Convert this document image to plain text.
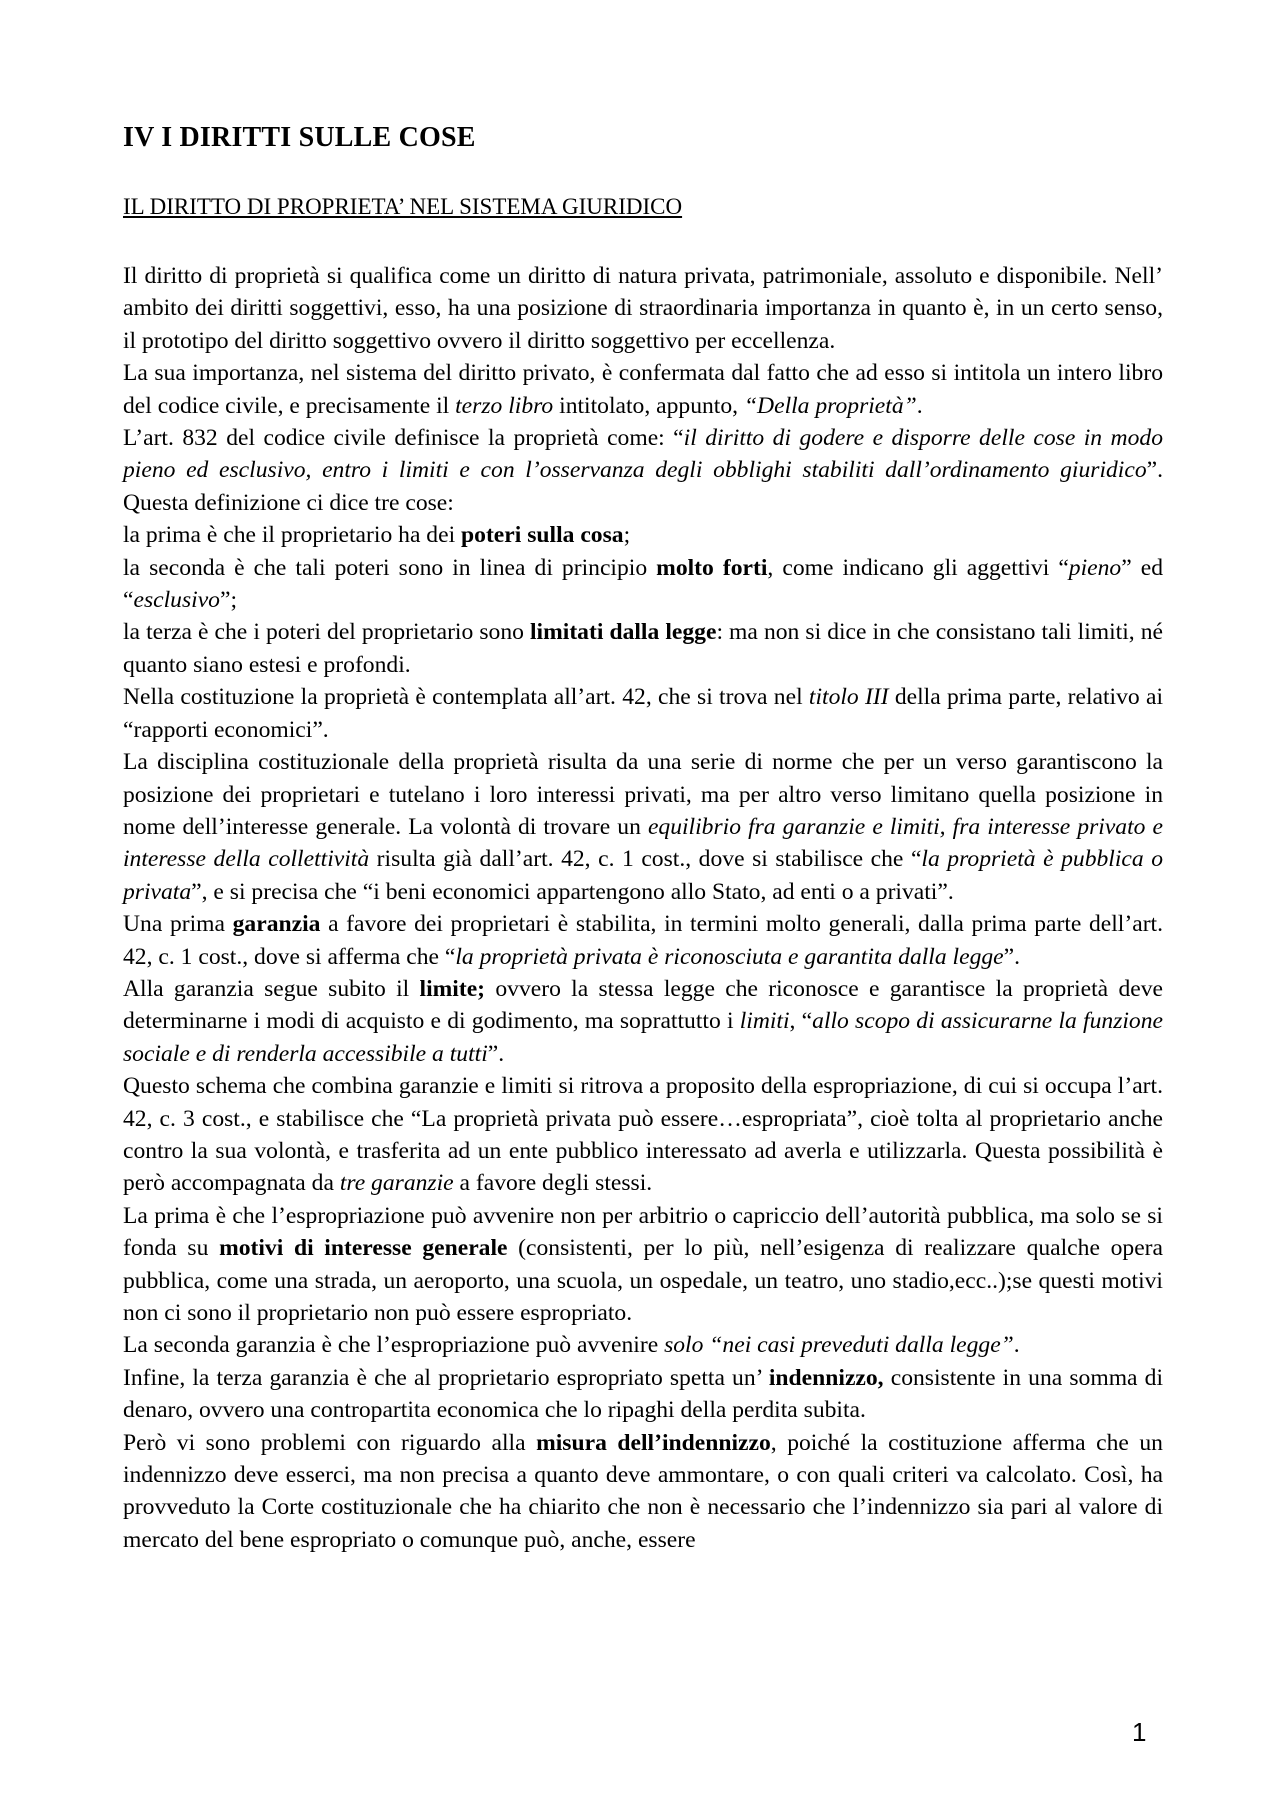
IV I DIRITTI SULLE COSE
IL DIRITTO DI PROPRIETA’ NEL SISTEMA GIURIDICO

Il diritto di proprietà si qualifica come un diritto di natura privata, patrimoniale, assoluto e disponibile. Nell’ ambito dei diritti soggettivi, esso, ha una posizione di straordinaria importanza in quanto è, in un certo senso, il prototipo del diritto soggettivo ovvero il diritto soggettivo per eccellenza.

La sua importanza, nel sistema del diritto privato, è confermata dal fatto che ad esso si intitola un intero libro del codice civile, e precisamente il terzo libro intitolato, appunto, “Della proprietà”.

L’art. 832 del codice civile definisce la proprietà come: “il diritto di godere e disporre delle cose in modo pieno ed esclusivo, entro i limiti e con l’osservanza degli obblighi stabiliti dall’ordinamento giuridico”. Questa definizione ci dice tre cose:

la prima è che il proprietario ha dei poteri sulla cosa;

la seconda è che tali poteri sono in linea di principio molto forti, come indicano gli aggettivi “pieno” ed “esclusivo”;

la terza è che i poteri del proprietario sono limitati dalla legge: ma non si dice in che consistano tali limiti, né quanto siano estesi e profondi.

Nella costituzione la proprietà è contemplata all’art. 42, che si trova nel titolo III della prima parte, relativo ai “rapporti economici”.

La disciplina costituzionale della proprietà risulta da una serie di norme che per un verso garantiscono la posizione dei proprietari e tutelano i loro interessi privati, ma per altro verso limitano quella posizione in nome dell’interesse generale. La volontà di trovare un equilibrio fra garanzie e limiti, fra interesse privato e interesse della collettività risulta già dall’art. 42, c. 1 cost., dove si stabilisce che “la proprietà è pubblica o privata”, e si precisa che “i beni economici appartengono allo Stato, ad enti o a privati”.

Una prima garanzia a favore dei proprietari è stabilita, in termini molto generali, dalla prima parte dell’art. 42, c. 1 cost., dove si afferma che “la proprietà privata è riconosciuta e garantita dalla legge”.

Alla garanzia segue subito il limite; ovvero la stessa legge che riconosce e garantisce la proprietà deve determinarne i modi di acquisto e di godimento, ma soprattutto i limiti, “allo scopo di assicurarne la funzione sociale e di renderla accessibile a tutti”.

Questo schema che combina garanzie e limiti si ritrova a proposito della espropriazione, di cui si occupa l’art. 42, c. 3 cost., e stabilisce che “La proprietà privata può essere…espropriata”, cioè tolta al proprietario anche contro la sua volontà, e trasferita ad un ente pubblico interessato ad averla e utilizzarla. Questa possibilità è però accompagnata da tre garanzie a favore degli stessi.

La prima è che l’espropriazione può avvenire non per arbitrio o capriccio dell’autorità pubblica, ma solo se si fonda su motivi di interesse generale (consistenti, per lo più, nell’esigenza di realizzare qualche opera pubblica, come una strada, un aeroporto, una scuola, un ospedale, un teatro, uno stadio,ecc..);se questi motivi non ci sono il proprietario non può essere espropriato.

La seconda garanzia è che l’espropriazione può avvenire solo “nei casi preveduti dalla legge”.

Infine, la terza garanzia è che al proprietario espropriato spetta un’ indennizzo, consistente in una somma di denaro, ovvero una contropartita economica che lo ripaghi della perdita subita.

Però vi sono problemi con riguardo alla misura dell’indennizzo, poiché la costituzione afferma che un indennizzo deve esserci, ma non precisa a quanto deve ammontare, o con quali criteri va calcolato. Così, ha provveduto la Corte costituzionale che ha chiarito che non è necessario che l’indennizzo sia pari al valore di mercato del bene espropriato o comunque può, anche, essere

1
